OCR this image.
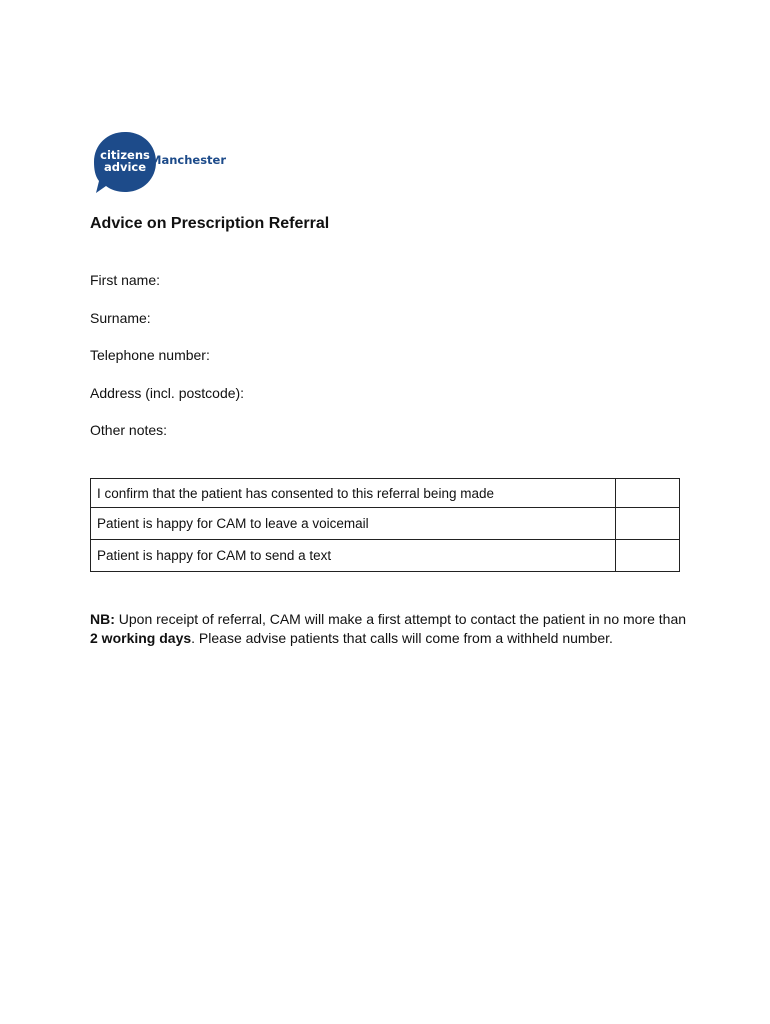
citizens
advice Manchester
Advice on Prescription Referral
First name:
Surname:
Telephone number:
Address (incl. postcode):
Other notes:
I confirm that the patient has consented to this referral being made	
Patient is happy for CAM to leave a voicemail	
Patient is happy for CAM to send a text	
NB: Upon receipt of referral, CAM will make a first attempt to contact the patient in no more than 2 working days. Please advise patients that calls will come from a withheld number.
